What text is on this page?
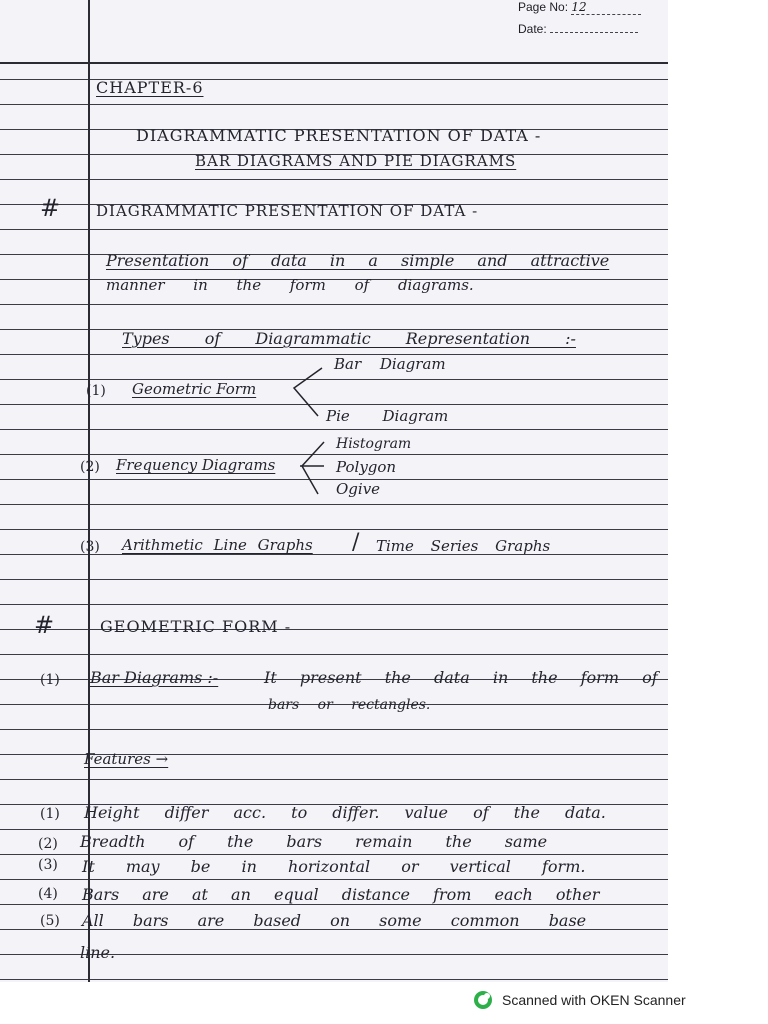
Page No: 12
Date:
CHAPTER-6
DIAGRAMMATIC PRESENTATION OF DATA -
BAR DIAGRAMS AND PIE DIAGRAMS
# DIAGRAMMATIC PRESENTATION OF DATA -
Presentation of data in a simple and attractive
manner in the form of diagrams.
Types of Diagrammatic Representation :-
(1) Geometric Form
Bar Diagram
Pie Diagram
(2) Frequency Diagrams
Histogram
Polygon
Ogive
(3) Arithmetic Line Graphs / Time Series Graphs
#	GEOMETRIC FORM -
(1) Bar Diagrams :-	It present the data in the form of
bars or rectangles.
Features →
(1) Height differ acc. to differ. value of the data.
(2) Breadth of the bars remain the same
(3) It may be in horizontal or vertical form.
(4) Bars are at an equal distance from each other
(5) All bars are based on some common base
line.
Scanned with OKEN Scanner
